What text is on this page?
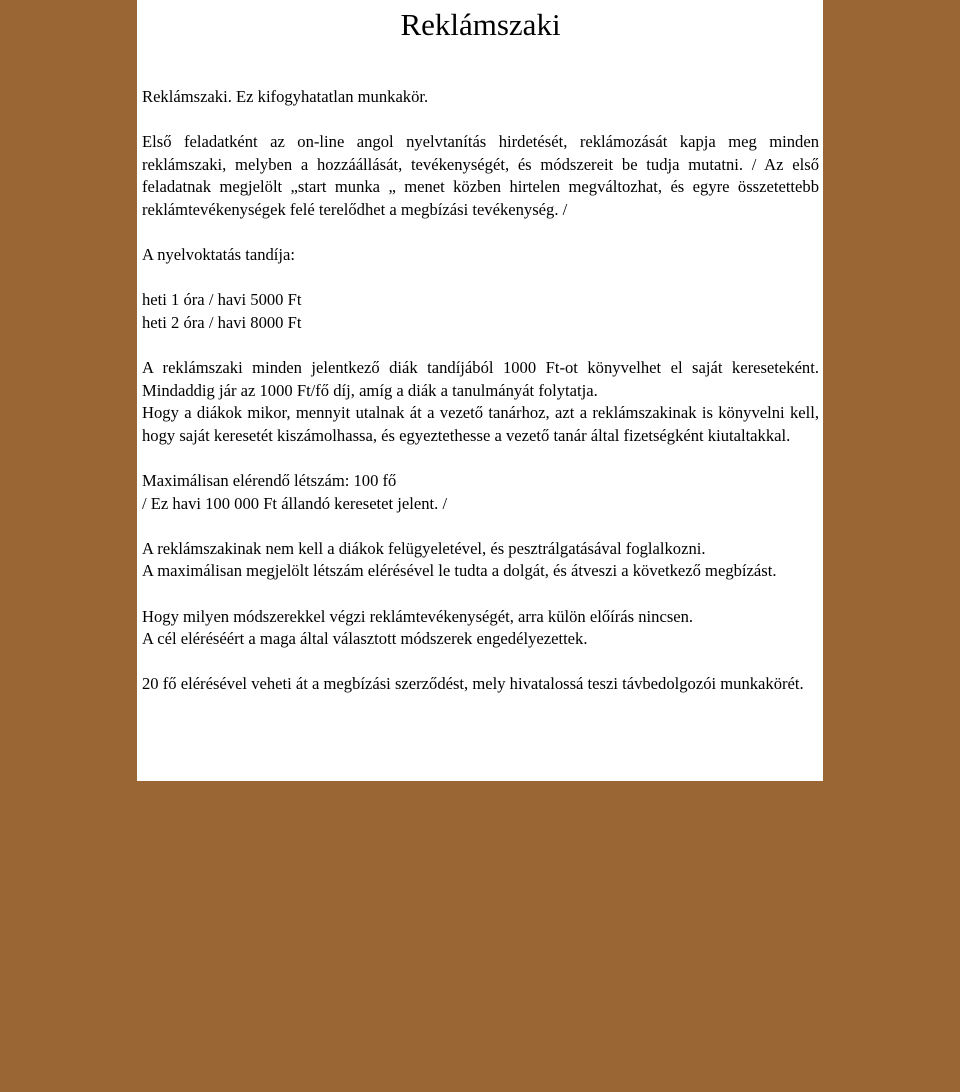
Reklámszaki

Reklámszaki. Ez kifogyhatatlan munkakör.

Első feladatként az on-line angol nyelvtanítás hirdetését, reklámozását kapja meg minden reklámszaki, melyben a hozzáállását, tevékenységét, és módszereit be tudja mutatni. / Az első feladatnak megjelölt „start munka „ menet közben hirtelen megváltozhat, és egyre összetettebb reklámtevékenységek felé terelődhet a megbízási tevékenység. /

A nyelvoktatás tandíja:

heti 1 óra / havi 5000 Ft
heti 2 óra / havi 8000 Ft

A reklámszaki minden jelentkező diák tandíjából 1000 Ft-ot könyvelhet el saját kereseteként. Mindaddig jár az 1000 Ft/fő díj, amíg a diák a tanulmányát folytatja.
Hogy a diákok mikor, mennyit utalnak át a vezető tanárhoz, azt a reklámszakinak is könyvelni kell, hogy saját keresetét kiszámolhassa, és egyeztethesse a vezető tanár által fizetségként kiutaltakkal.

Maximálisan elérendő létszám: 100 fő
/ Ez havi 100 000 Ft állandó keresetet jelent. /

A reklámszakinak nem kell a diákok felügyeletével, és pesztrálgatásával foglalkozni.
A maximálisan megjelölt létszám elérésével le tudta a dolgát, és átveszi a következő megbízást.

Hogy milyen módszerekkel végzi reklámtevékenységét, arra külön előírás nincsen.
A cél eléréséért a maga által választott módszerek engedélyezettek.

20 fő elérésével veheti át a megbízási szerződést, mely hivatalossá teszi távbedolgozói munkakörét.
